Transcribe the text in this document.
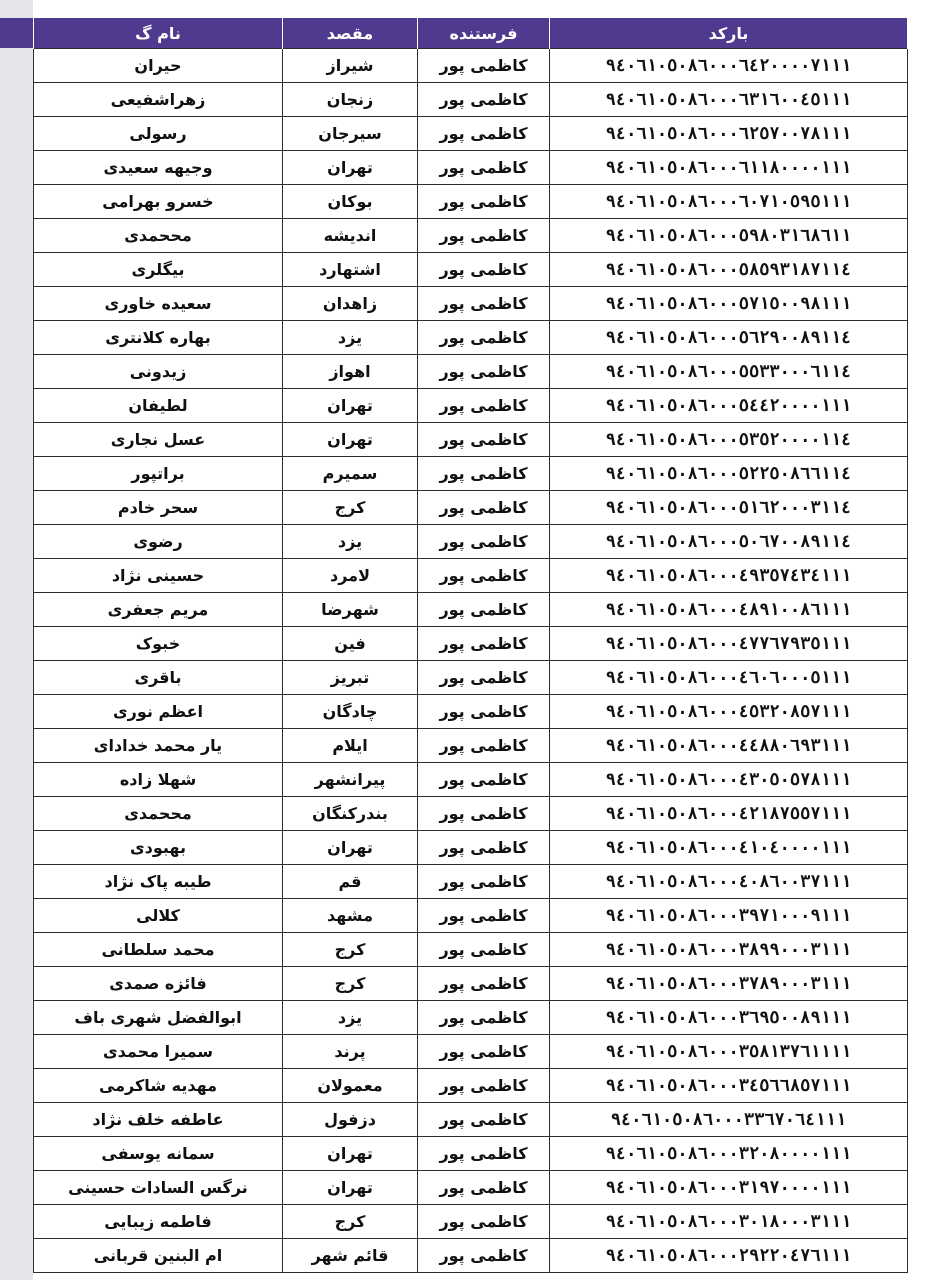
بارکد	فرستنده	مقصد	نام گ
۹٤۰٦۱۰٥۰٨٦۰۰۰٦٤٢۰۰۰۰٧١١١	کاظمی پور	شیراز	حیران
۹٤۰٦۱۰٥۰٨٦۰۰۰٦٣١٦۰۰٤٥١١١	کاظمی پور	زنجان	زهراشفیعی
۹٤۰٦۱۰٥۰٨٦۰۰۰٦٢٥٧۰۰٧٨١١١	کاظمی پور	سیرجان	رسولی
۹٤۰٦۱۰٥۰٨٦۰۰۰٦١١٨۰۰۰۰١١١	کاظمی پور	تهران	وجیهه سعیدی
۹٤۰٦۱۰٥۰٨٦۰۰۰٦۰٧١۰٥۹٥١١١	کاظمی پور	بوکان	خسرو بهرامی
۹٤۰٦۱۰٥۰٨٦۰۰۰٥۹٨۰٣١٦٨٦١١	کاظمی پور	اندیشه	مححمدی
۹٤۰٦۱۰٥۰٨٦۰۰۰٥٨٥۹٣١٨٧١١٤	کاظمی پور	اشتهارد	بیگلری
۹٤۰٦۱۰٥۰٨٦۰۰۰٥٧١٥۰۰۹٨١١١	کاظمی پور	زاهدان	سعیده خاوری
۹٤۰٦۱۰٥۰٨٦۰۰۰٥٦٢۹۰۰٨۹١١٤	کاظمی پور	یزد	بهاره کلانتری
۹٤۰٦۱۰٥۰٨٦۰۰۰٥٥٣٣۰۰۰٦١١٤	کاظمی پور	اهواز	زیدونی
۹٤۰٦۱۰٥۰٨٦۰۰۰٥٤٤٢۰۰۰۰١١١	کاظمی پور	تهران	لطیفان
۹٤۰٦۱۰٥۰٨٦۰۰۰٥٣٥٢۰۰۰۰١١٤	کاظمی پور	تهران	عسل نجاری
۹٤۰٦۱۰٥۰٨٦۰۰۰٥٢٢٥۰٨٦٦١١٤	کاظمی پور	سمیرم	براتپور
۹٤۰٦۱۰٥۰٨٦۰۰۰٥١٦٢۰۰۰٣١١٤	کاظمی پور	کرج	سحر خادم
۹٤۰٦۱۰٥۰٨٦۰۰۰٥۰٦٧۰۰٨۹١١٤	کاظمی پور	یزد	رضوی
۹٤۰٦۱۰٥۰٨٦۰۰۰٤۹٣٥٧٤٣٤١١١	کاظمی پور	لامرد	حسینی نژاد
۹٤۰٦۱۰٥۰٨٦۰۰۰٤٨۹١۰۰٨٦١١١	کاظمی پور	شهرضا	مریم جعفری
۹٤۰٦۱۰٥۰٨٦۰۰۰٤٧٧٦٧۹٣٥١١١	کاظمی پور	فین	خبوک
۹٤۰٦۱۰٥۰٨٦۰۰۰٤٦۰٦۰۰۰٥١١١	کاظمی پور	تبریز	باقری
۹٤۰٦۱۰٥۰٨٦۰۰۰٤٥٣٢۰٨٥٧١١١	کاظمی پور	چادگان	اعظم نوری
۹٤۰٦۱۰٥۰٨٦۰۰۰٤٤٨٨۰٦۹٣١١١	کاظمی پور	ایلام	یار محمد خدادای
۹٤۰٦۱۰٥۰٨٦۰۰۰٤٣۰٥۰٥٧٨١١١	کاظمی پور	پیرانشهر	شهلا زاده
۹٤۰٦۱۰٥۰٨٦۰۰۰٤٢١٨٧٥٥٧١١١	کاظمی پور	بندرکنگان	مححمدی
۹٤۰٦۱۰٥۰٨٦۰۰۰٤١۰٤۰۰۰۰١١١	کاظمی پور	تهران	بهبودی
۹٤۰٦۱۰٥۰٨٦۰۰۰٤۰٨٦۰۰٣٧١١١	کاظمی پور	قم	طیبه پاک نژاد
۹٤۰٦۱۰٥۰٨٦۰۰۰٣۹٧١۰۰۰۹١١١	کاظمی پور	مشهد	کلالی
۹٤۰٦۱۰٥۰٨٦۰۰۰٣٨۹۹۰۰۰٣١١١	کاظمی پور	کرج	محمد سلطانی
۹٤۰٦۱۰٥۰٨٦۰۰۰٣٧٨۹۰۰۰٣١١١	کاظمی پور	کرج	فائزه صمدی
۹٤۰٦۱۰٥۰٨٦۰۰۰٣٦۹٥۰۰٨۹١١١	کاظمی پور	یزد	ابوالفضل شهری باف
۹٤۰٦۱۰٥۰٨٦۰۰۰٣٥٨١٣٧٦١١١١	کاظمی پور	پرند	سمیرا محمدی
۹٤۰٦۱۰٥۰٨٦۰۰۰٣٤٥٦٦٨٥٧١١١	کاظمی پور	معمولان	مهدیه شاکرمی
۹٤۰٦۱۰٥۰٨٦۰۰۰٣٣٦٧۰٦٤١١١	کاظمی پور	دزفول	عاطفه خلف نژاد
۹٤۰٦۱۰٥۰٨٦۰۰۰٣٢۰٨۰۰۰۰١١١	کاظمی پور	تهران	سمانه یوسفی
۹٤۰٦۱۰٥۰٨٦۰۰۰٣١۹٧۰۰۰۰١١١	کاظمی پور	تهران	نرگس السادات حسینی
۹٤۰٦۱۰٥۰٨٦۰۰۰٣۰١٨۰۰۰٣١١١	کاظمی پور	کرج	فاطمه زیبایی
۹٤۰٦۱۰٥۰٨٦۰۰۰٢۹٢٢۰٤٧٦١١١	کاظمی پور	قائم شهر	ام البنین قربانی
